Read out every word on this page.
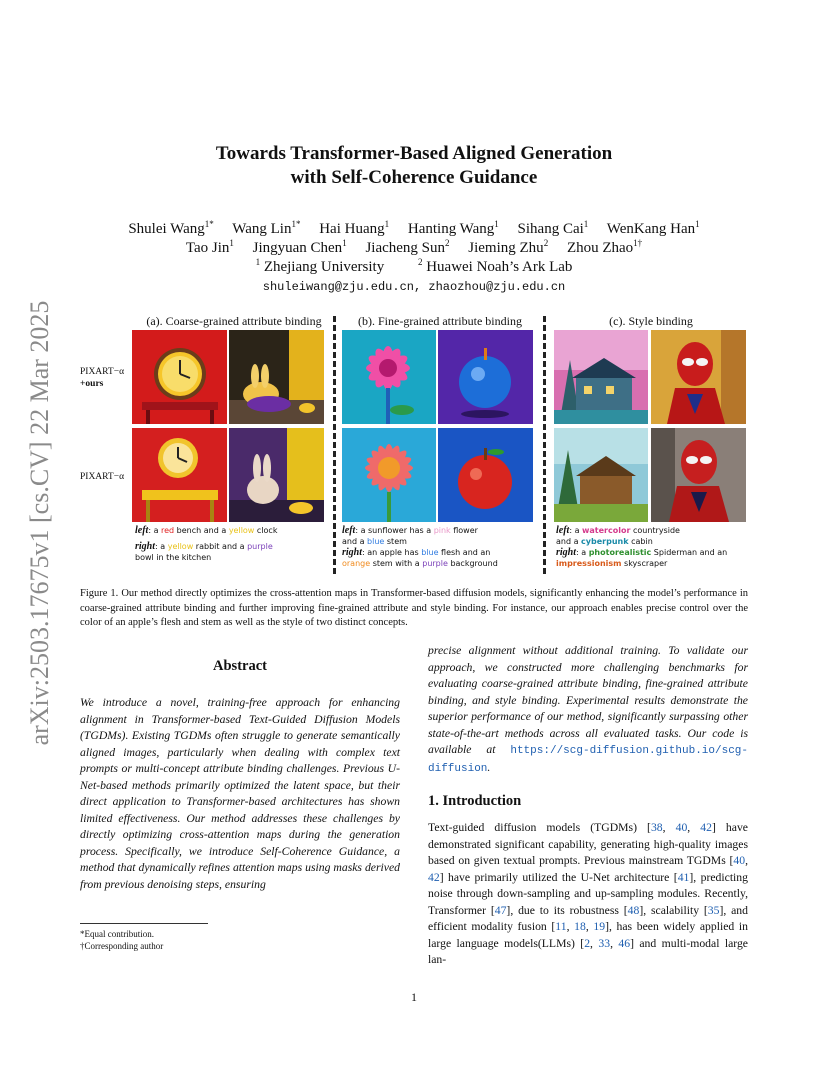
arXiv:2503.17675v1 [cs.CV] 22 Mar 2025
Towards Transformer-Based Aligned Generation
with Self-Coherence Guidance
Shulei Wang$^{1*}$ Wang Lin$^{1*}$ Hai Huang$^1$ Hanting Wang$^1$ Sihang Cai$^1$ WenKang Han$^1$
Tao Jin$^1$ Jingyuan Chen$^1$ Jiacheng Sun$^2$ Jieming Zhu$^2$ Zhou Zhao$^{1\dagger}$
$^1$ Zhejiang University	$^2$ Huawei Noah’s Ark Lab
shuleiwang@zju.edu.cn, zhaozhou@zju.edu.cn
(a). Coarse-grained attribute binding	(b). Fine-grained attribute binding	(c). Style binding
PIXART−α
+ours
PIXART−α
left: a red bench and a yellow clock
right: a yellow rabbit and a purple
bowl in the kitchen
left: a sunflower has a pink flower
and a blue stem
right: an apple has blue flesh and an
orange stem with a purple background
left: a watercolor countryside
and a cyberpunk cabin
right: a photorealistic Spiderman and an
impressionism skyscraper
Figure 1. Our method directly optimizes the cross-attention maps in Transformer-based diffusion models, significantly enhancing the model’s performance in coarse-grained attribute binding and further improving fine-grained attribute and style binding. For instance, our approach enables precise control over the color of an apple’s flesh and stem as well as the style of two distinct concepts.
Abstract
We introduce a novel, training-free approach for enhancing alignment in Transformer-based Text-Guided Diffusion Models (TGDMs). Existing TGDMs often struggle to generate semantically aligned images, particularly when dealing with complex text prompts or multi-concept attribute binding challenges. Previous U-Net-based methods primarily optimized the latent space, but their direct application to Transformer-based architectures has shown limited effectiveness. Our method addresses these challenges by directly optimizing cross-attention maps during the generation process. Specifically, we introduce Self-Coherence Guidance, a method that dynamically refines attention maps using masks derived from previous denoising steps, ensuring
*Equal contribution.
†Corresponding author
precise alignment without additional training. To validate our approach, we constructed more challenging benchmarks for evaluating coarse-grained attribute binding, fine-grained attribute binding, and style binding. Experimental results demonstrate the superior performance of our method, significantly surpassing other state-of-the-art methods across all evaluated tasks. Our code is available at https://scg-diffusion.github.io/scg-diffusion.
1. Introduction
Text-guided diffusion models (TGDMs) [38, 40, 42] have demonstrated significant capability, generating high-quality images based on given textual prompts. Previous mainstream TGDMs [40, 42] have primarily utilized the U-Net architecture [41], predicting noise through down-sampling and up-sampling modules. Recently, Transformer [47], due to its robustness [48], scalability [35], and efficient modality fusion [11, 18, 19], has been widely applied in large language models(LLMs) [2, 33, 46] and multi-modal large lan-
1
